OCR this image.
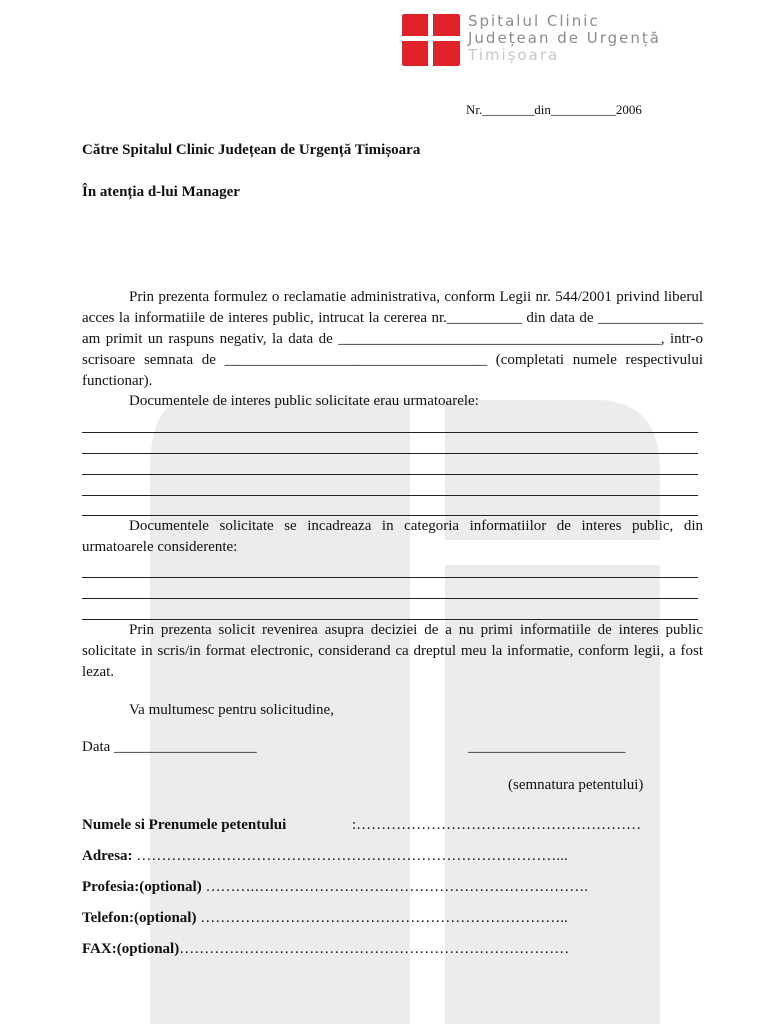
Spitalul Clinic
Județean de Urgență
Timișoara
Nr.________din__________2006
Către Spitalul Clinic Județean de Urgență Timișoara
În atenția d-lui Manager
Prin prezenta formulez o reclamatie administrativa, conform Legii nr. 544/2001 privind liberul acces la informatiile de interes public, intrucat la cererea nr.__________ din data de ______________ am primit un raspuns negativ, la data de ___________________________________________, intr-o scrisoare semnata de ___________________________________ (completati numele respectivului functionar).
Documentele de interes public solicitate erau urmatoarele:
Documentele solicitate se incadreaza in categoria informatiilor de interes public, din urmatoarele considerente:
Prin prezenta solicit revenirea asupra deciziei de a nu primi informatiile de interes public solicitate in scris/in format electronic, considerand ca dreptul meu la informatie, conform legii, a fost lezat.
Va multumesc pentru solicitudine,
Data ___________________	_____________________
(semnatura petentului)
Numele si Prenumele petentului	:…………………………………………………
Adresa: …………………………………………………………………………...
Profesia:(optional) ……….………………………………………………………….
Telefon:(optional) ………………………………………………………………..
FAX:(optional)……………………………………………………………………
